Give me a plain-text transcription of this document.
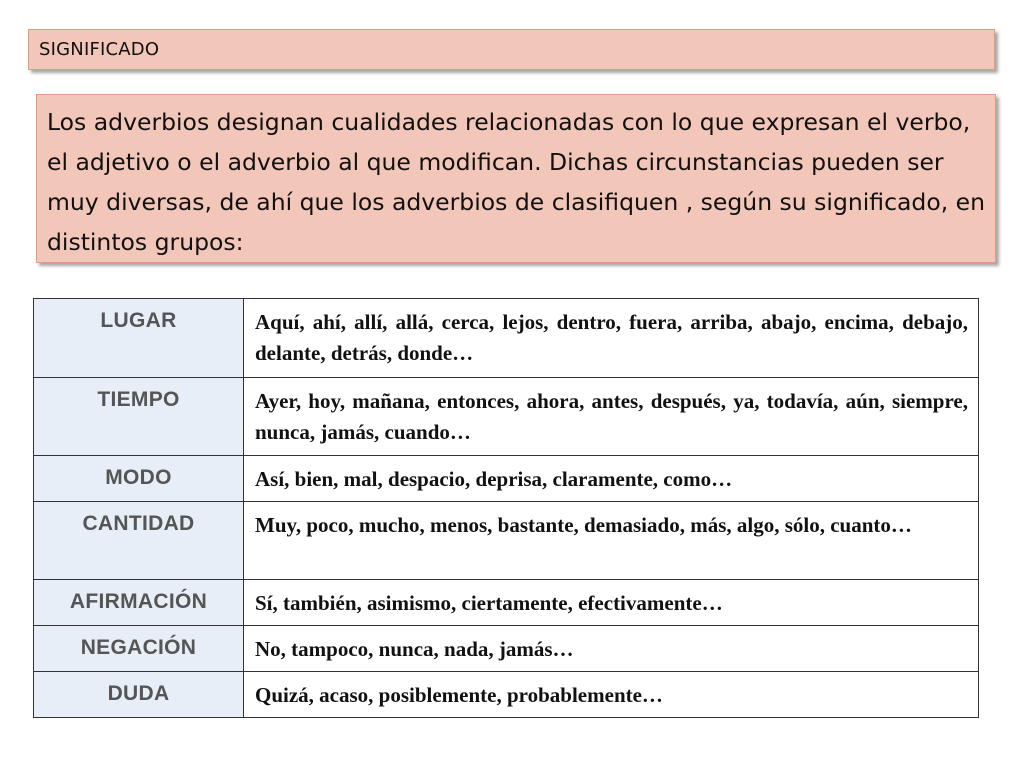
SIGNIFICADO

Los adverbios designan cualidades relacionadas con lo que expresan el verbo, el adjetivo o el adverbio al que modifican. Dichas circunstancias pueden ser muy diversas, de ahí que los adverbios de clasifiquen , según su significado, en distintos grupos:

LUGAR	Aquí, ahí, allí, allá, cerca, lejos, dentro, fuera, arriba, abajo, encima, debajo, delante, detrás, donde…

TIEMPO	Ayer, hoy, mañana, entonces, ahora, antes, después, ya, todavía, aún, siempre, nunca, jamás, cuando…

MODO	Así, bien, mal, despacio, deprisa, claramente, como…

CANTIDAD	Muy, poco, mucho, menos, bastante, demasiado, más, algo, sólo, cuanto…

AFIRMACIÓN	Sí, también, asimismo, ciertamente, efectivamente…

NEGACIÓN	No, tampoco, nunca, nada, jamás…

DUDA	Quizá, acaso, posiblemente, probablemente…
